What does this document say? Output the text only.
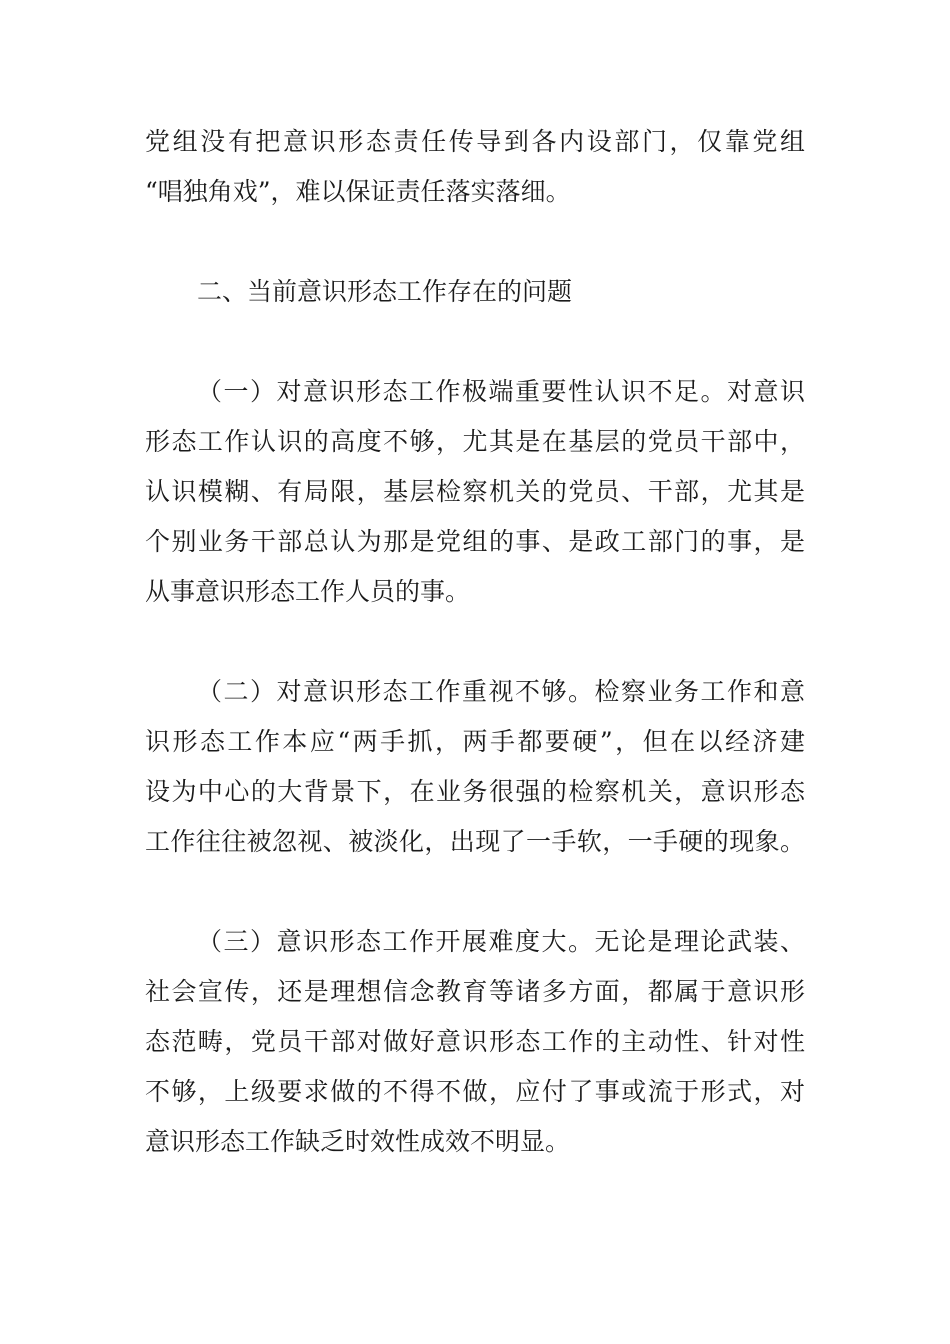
党组没有把意识形态责任传导到各内设部门，仅靠党组
“唱独角戏”，难以保证责任落实落细。
二、当前意识形态工作存在的问题
（一）对意识形态工作极端重要性认识不足。对意识
形态工作认识的高度不够，尤其是在基层的党员干部中，
认识模糊、有局限，基层检察机关的党员、干部，尤其是
个别业务干部总认为那是党组的事、是政工部门的事，是
从事意识形态工作人员的事。
（二）对意识形态工作重视不够。检察业务工作和意
识形态工作本应“两手抓，两手都要硬”，但在以经济建
设为中心的大背景下，在业务很强的检察机关，意识形态
工作往往被忽视、被淡化，出现了一手软，一手硬的现象。
（三）意识形态工作开展难度大。无论是理论武装、
社会宣传，还是理想信念教育等诸多方面，都属于意识形
态范畴，党员干部对做好意识形态工作的主动性、针对性
不够，上级要求做的不得不做，应付了事或流于形式，对
意识形态工作缺乏时效性成效不明显。
